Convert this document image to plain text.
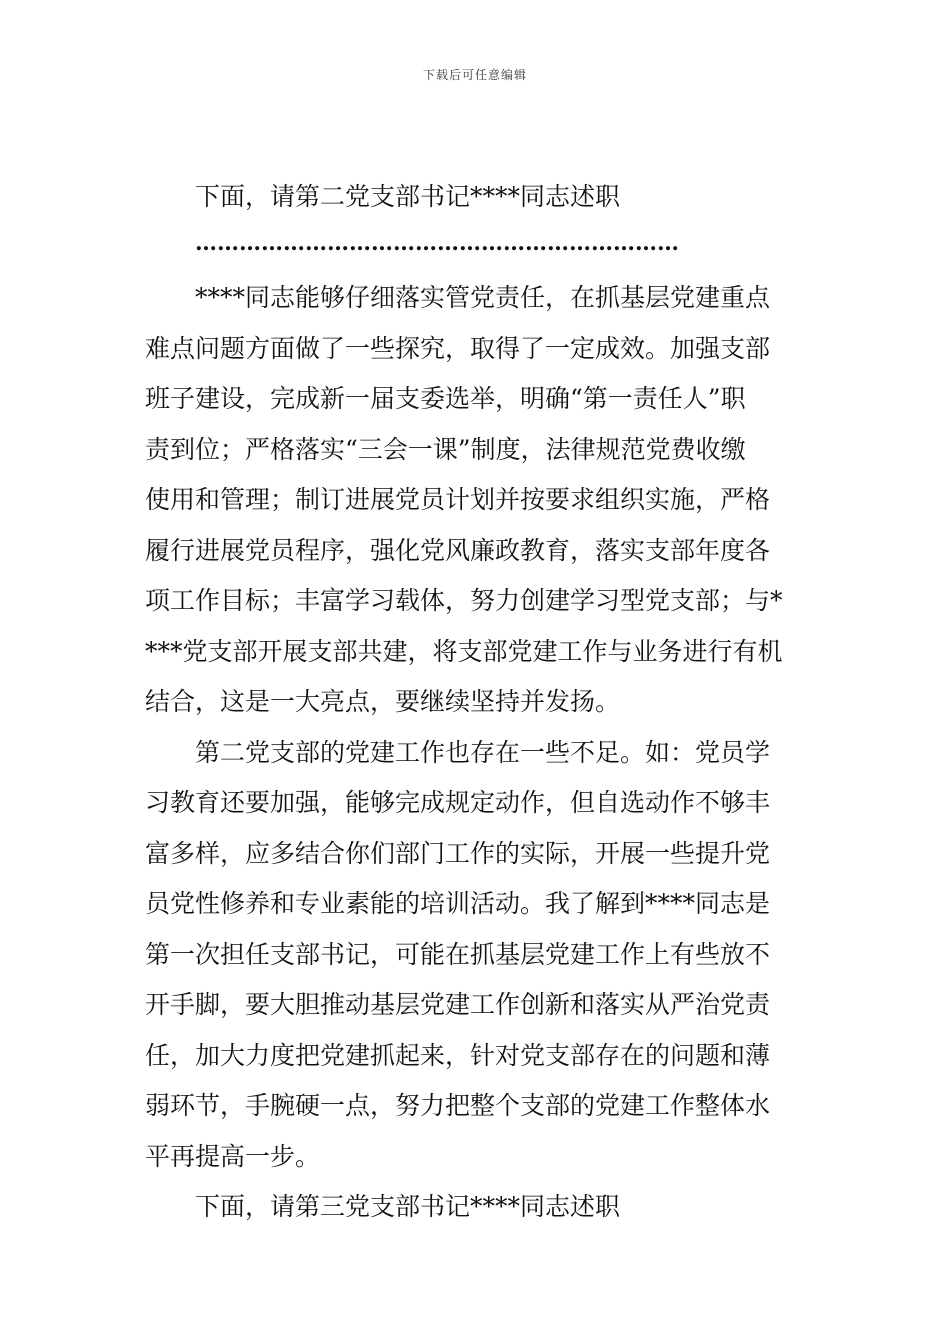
下载后可任意编辑
下面，请第二党支部书记****同志述职
…………………………………………………………
****同志能够仔细落实管党责任，在抓基层党建重点
难点问题方面做了一些探究，取得了一定成效。加强支部
班子建设，完成新一届支委选举，明确“第一责任人”职
责到位；严格落实“三会一课”制度，法律规范党费收缴
使用和管理；制订进展党员计划并按要求组织实施，严格
履行进展党员程序，强化党风廉政教育，落实支部年度各
项工作目标；丰富学习载体，努力创建学习型党支部；与*
***党支部开展支部共建，将支部党建工作与业务进行有机
结合，这是一大亮点，要继续坚持并发扬。
第二党支部的党建工作也存在一些不足。如：党员学
习教育还要加强，能够完成规定动作，但自选动作不够丰
富多样，应多结合你们部门工作的实际，开展一些提升党
员党性修养和专业素能的培训活动。我了解到****同志是
第一次担任支部书记，可能在抓基层党建工作上有些放不
开手脚，要大胆推动基层党建工作创新和落实从严治党责
任，加大力度把党建抓起来，针对党支部存在的问题和薄
弱环节，手腕硬一点，努力把整个支部的党建工作整体水
平再提高一步。
下面，请第三党支部书记****同志述职
